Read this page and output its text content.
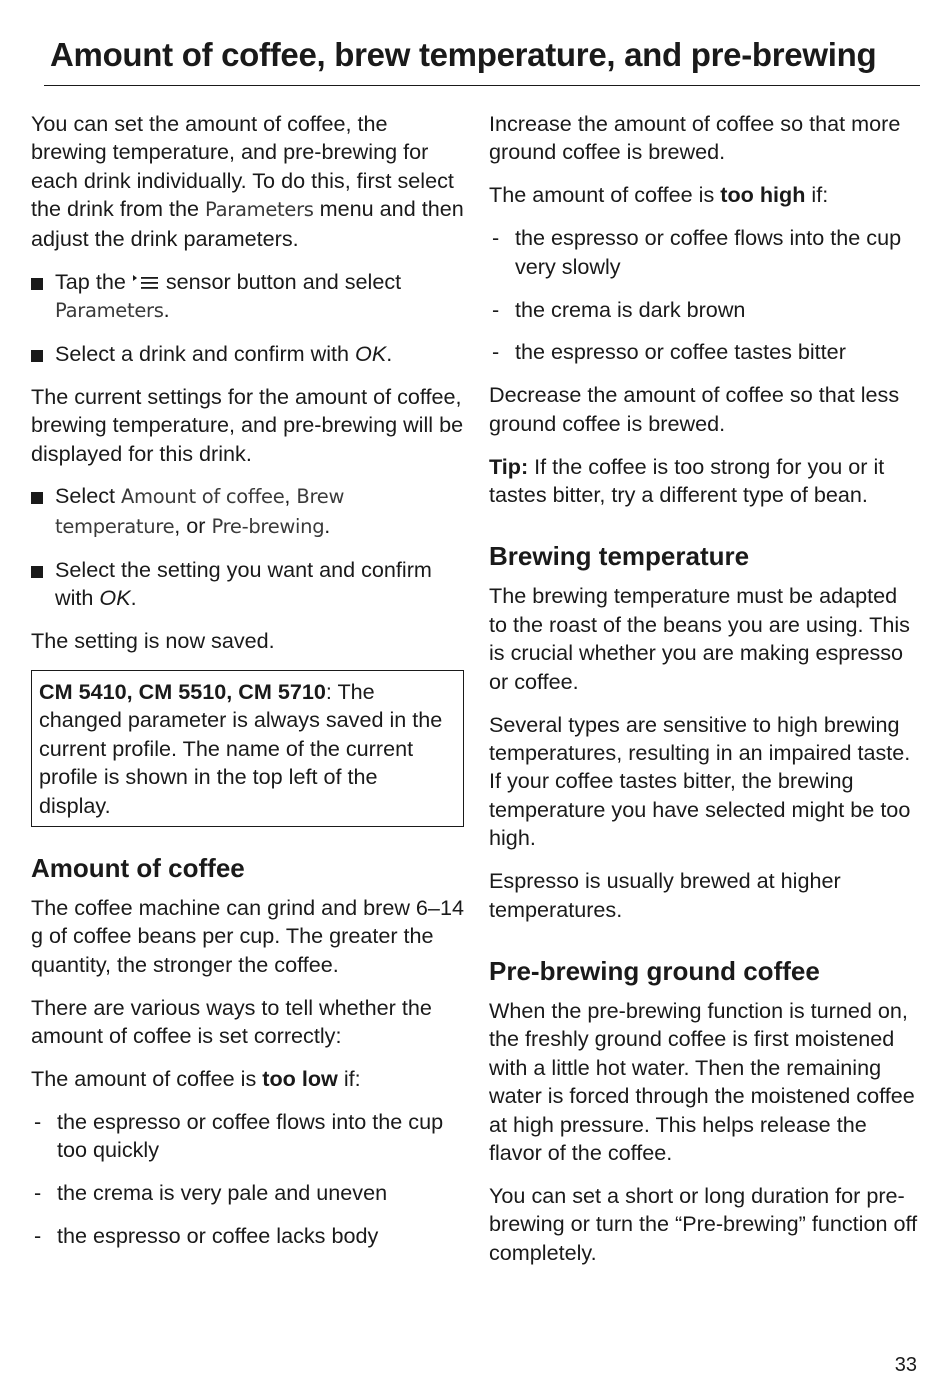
Amount of coffee, brew temperature, and pre-brewing

You can set the amount of coffee, the brewing temperature, and pre-brewing for each drink individually. To do this, first select the drink from the Parameters menu and then adjust the drink parameters.

Tap the  sensor button and select Parameters.
Select a drink and confirm with OK.

The current settings for the amount of coffee, brewing temperature, and pre-brewing will be displayed for this drink.

Select Amount of coffee, Brew temperature, or Pre-brewing.
Select the setting you want and confirm with OK.

The setting is now saved.

CM 5410, CM 5510, CM 5710: The changed parameter is always saved in the current profile. The name of the current profile is shown in the top left of the display.
Amount of coffee

The coffee machine can grind and brew 6–14 g of coffee beans per cup. The greater the quantity, the stronger the coffee.

There are various ways to tell whether the amount of coffee is set correctly:

The amount of coffee is too low if:

- the espresso or coffee flows into the cup too quickly
- the crema is very pale and uneven
- the espresso or coffee lacks body

Increase the amount of coffee so that more ground coffee is brewed.

The amount of coffee is too high if:

- the espresso or coffee flows into the cup very slowly
- the crema is dark brown
- the espresso or coffee tastes bitter

Decrease the amount of coffee so that less ground coffee is brewed.

Tip: If the coffee is too strong for you or it tastes bitter, try a different type of bean.

Brewing temperature

The brewing temperature must be adapted to the roast of the beans you are using. This is crucial whether you are making espresso or coffee.

Several types are sensitive to high brewing temperatures, resulting in an impaired taste. If your coffee tastes bitter, the brewing temperature you have selected might be too high.

Espresso is usually brewed at higher temperatures.

Pre-brewing ground coffee

When the pre-brewing function is turned on, the freshly ground coffee is first moistened with a little hot water. Then the remaining water is forced through the moistened coffee at high pressure. This helps release the flavor of the coffee.

You can set a short or long duration for pre-brewing or turn the “Pre-brewing” function off completely.

33
